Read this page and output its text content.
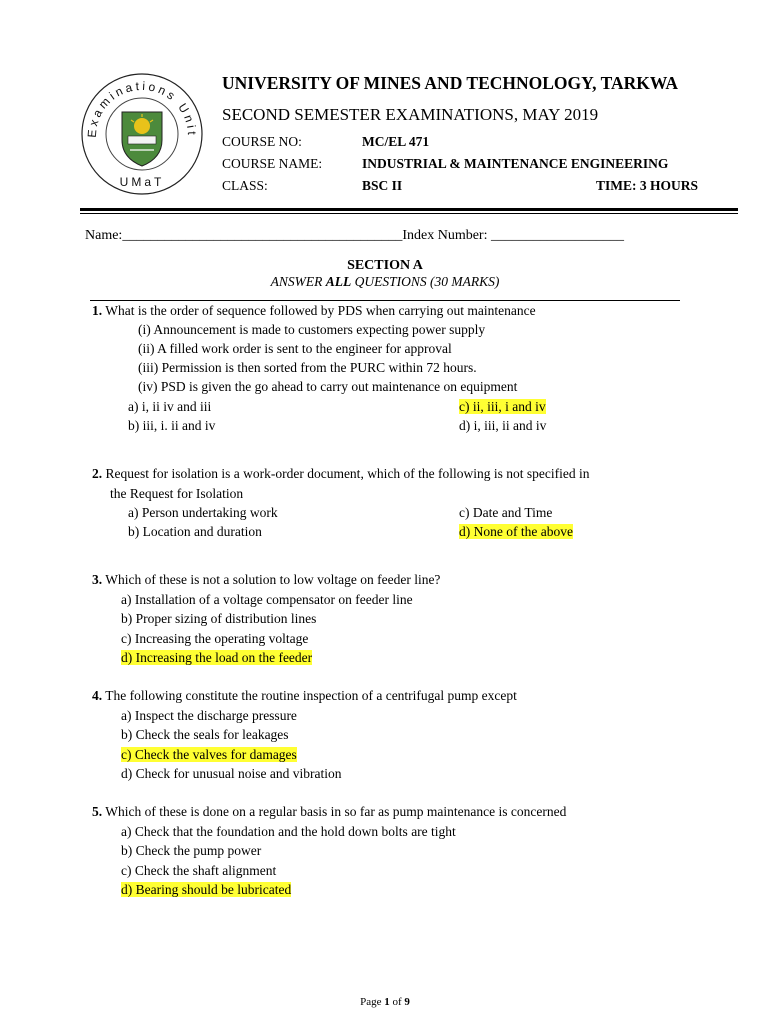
Examinations Unit
UMaT
UNIVERSITY OF MINES AND TECHNOLOGY, TARKWA
SECOND SEMESTER EXAMINATIONS, MAY 2019
COURSE NO:	MC/EL 471
COURSE NAME:	INDUSTRIAL & MAINTENANCE ENGINEERING
CLASS:	BSC II	TIME: 3 HOURS
Name:________________________________________Index Number: ___________________
SECTION A
ANSWER ALL QUESTIONS (30 MARKS)
1. What is the order of sequence followed by PDS when carrying out maintenance
(i) Announcement is made to customers expecting power supply
(ii) A filled work order is sent to the engineer for approval
(iii) Permission is then sorted from the PURC within 72 hours.
(iv) PSD is given the go ahead to carry out maintenance on equipment
a) i, ii iv and iii	c) ii, iii, i and iv
b) iii, i. ii and iv	d) i, iii, ii and iv
2. Request for isolation is a work-order document, which of the following is not specified in
the Request for Isolation
a) Person undertaking work	c) Date and Time
b) Location and duration	d) None of the above
3. Which of these is not a solution to low voltage on feeder line?
a) Installation of a voltage compensator on feeder line
b) Proper sizing of distribution lines
c) Increasing the operating voltage
d) Increasing the load on the feeder
4. The following constitute the routine inspection of a centrifugal pump except
a) Inspect the discharge pressure
b) Check the seals for leakages
c) Check the valves for damages
d) Check for unusual noise and vibration
5. Which of these is done on a regular basis in so far as pump maintenance is concerned
a) Check that the foundation and the hold down bolts are tight
b) Check the pump power
c) Check the shaft alignment
d) Bearing should be lubricated
Page 1 of 9
